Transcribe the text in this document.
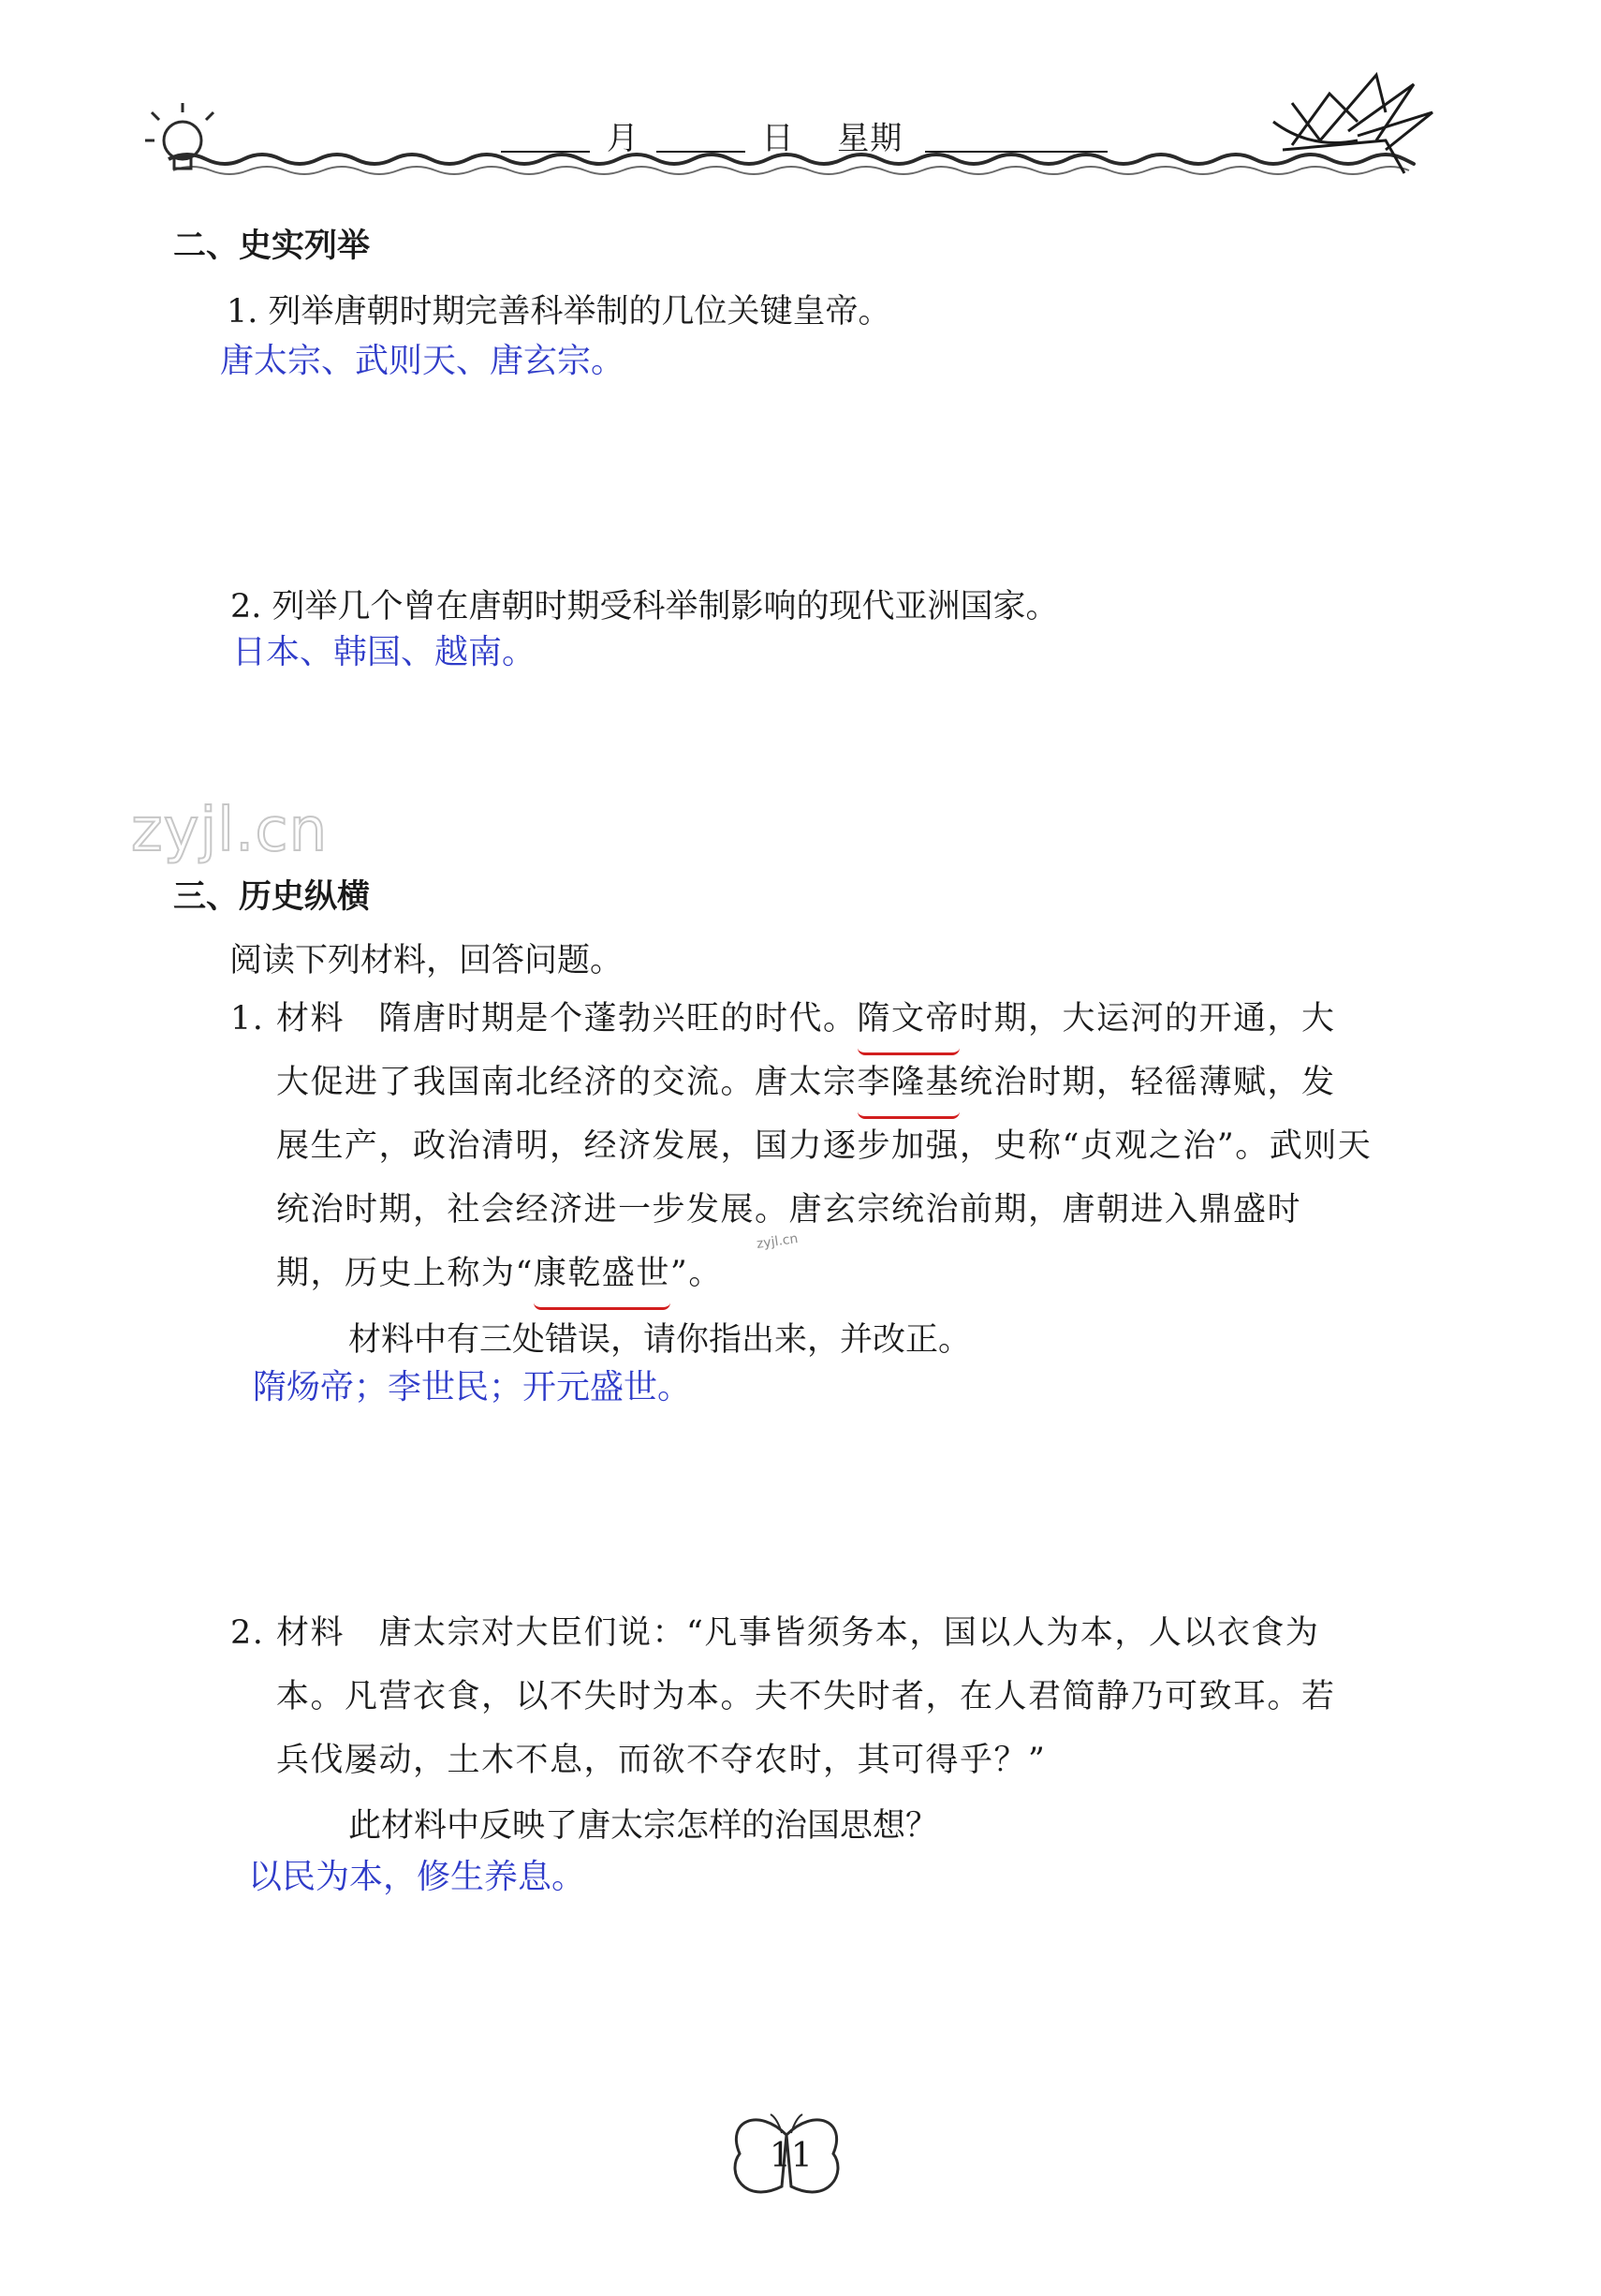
月	日 星期
二、史实列举
1. 列举唐朝时期完善科举制的几位关键皇帝。
唐太宗、武则天、唐玄宗。
2. 列举几个曾在唐朝时期受科举制影响的现代亚洲国家。
日本、韩国、越南。
zyjl.cn
三、历史纵横
阅读下列材料，回答问题。
1. 材料　隋唐时期是个蓬勃兴旺的时代。隋文帝时期，大运河的开通，大
大促进了我国南北经济的交流。唐太宗李隆基统治时期，轻徭薄赋，发
展生产，政治清明，经济发展，国力逐步加强，史称“贞观之治”。武则天
统治时期，社会经济进一步发展。唐玄宗统治前期，唐朝进入鼎盛时
期，历史上称为“康乾盛世”。
zyjl.cn
材料中有三处错误，请你指出来，并改正。
隋炀帝；李世民；开元盛世。
2. 材料　唐太宗对大臣们说：“凡事皆须务本，国以人为本，人以衣食为
本。凡营衣食，以不失时为本。夫不失时者，在人君简静乃可致耳。若
兵伐屡动，土木不息，而欲不夺农时，其可得乎？”
此材料中反映了唐太宗怎样的治国思想？
以民为本，修生养息。
11
